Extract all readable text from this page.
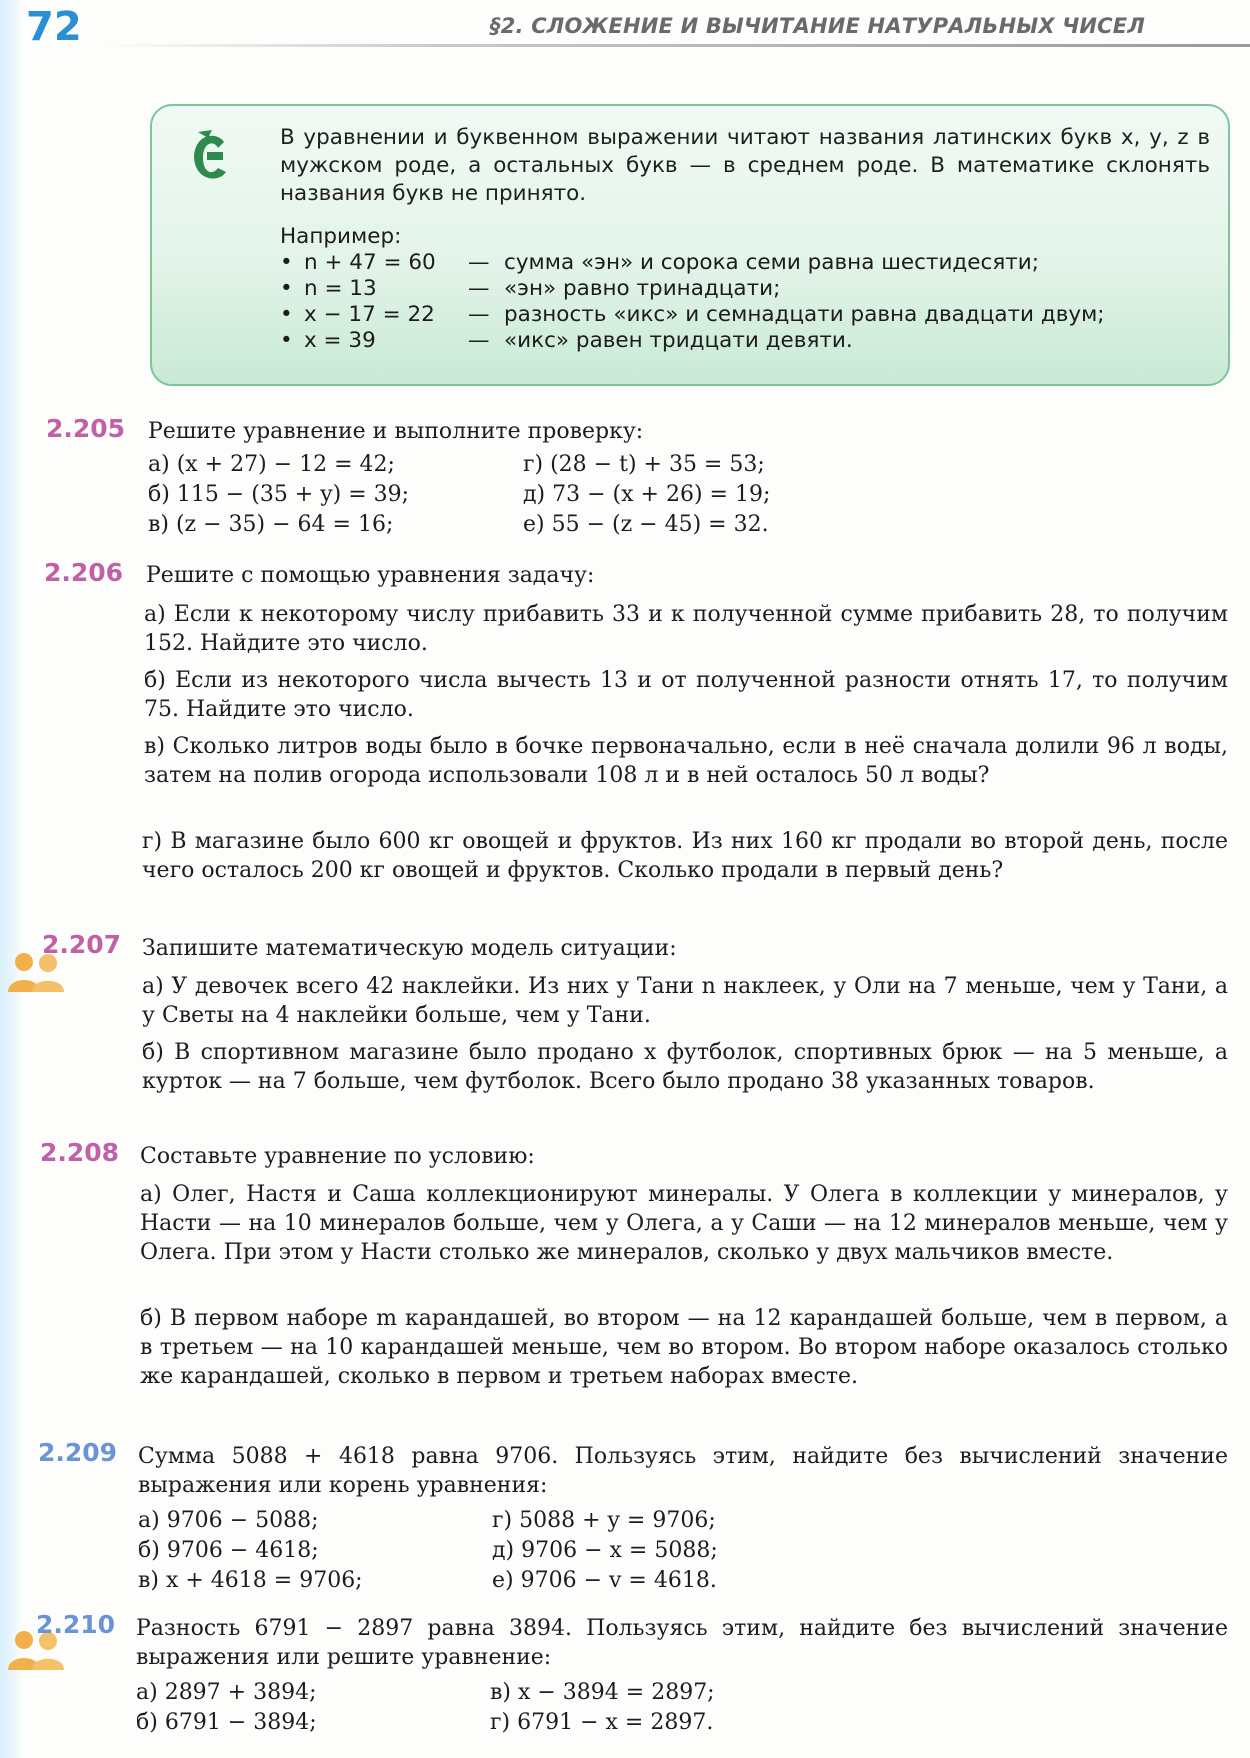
72	§2. СЛОЖЕНИЕ И ВЫЧИТАНИЕ НАТУРАЛЬНЫХ ЧИСЕЛ
В уравнении и буквенном выражении читают названия латинских букв x, y, z в мужском роде, а остальных букв — в среднем роде. В математике склонять названия букв не принято.
Например:
• n + 47 = 60 — сумма «эн» и сорока семи равна шестидесяти;
• n = 13	— «эн» равно тринадцати;
• x − 17 = 22 — разность «икс» и семнадцати равна двадцати двум;
• x = 39	— «икс» равен тридцати девяти.
2.205 Решите уравнение и выполните проверку:
а) (x + 27) − 12 = 42;
б) 115 − (35 + y) = 39;
в) (z − 35) − 64 = 16;
г) (28 − t) + 35 = 53;
д) 73 − (x + 26) = 19;
е) 55 − (z − 45) = 32.
2.206 Решите с помощью уравнения задачу:
а) Если к некоторому числу прибавить 33 и к полученной сумме прибавить 28, то получим 152. Найдите это число.
б) Если из некоторого числа вычесть 13 и от полученной разности отнять 17, то получим 75. Найдите это число.
в) Сколько литров воды было в бочке первоначально, если в неё сначала долили 96 л воды, затем на полив огорода использовали 108 л и в ней осталось 50 л воды?
г) В магазине было 600 кг овощей и фруктов. Из них 160 кг продали во второй день, после чего осталось 200 кг овощей и фруктов. Сколько продали в первый день?
2.207 Запишите математическую модель ситуации:
а) У девочек всего 42 наклейки. Из них у Тани n наклеек, у Оли на 7 меньше, чем у Тани, а у Светы на 4 наклейки больше, чем у Тани.
б) В спортивном магазине было продано x футболок, спортивных брюк — на 5 меньше, а курток — на 7 больше, чем футболок. Всего было продано 38 указанных товаров.
2.208 Составьте уравнение по условию:
а) Олег, Настя и Саша коллекционируют минералы. У Олега в коллекции y минералов, у Насти — на 10 минералов больше, чем у Олега, а у Саши — на 12 минералов меньше, чем у Олега. При этом у Насти столько же минералов, сколько у двух мальчиков вместе.
б) В первом наборе m карандашей, во втором — на 12 карандашей больше, чем в первом, а в третьем — на 10 карандашей меньше, чем во втором. Во втором наборе оказалось столько же карандашей, сколько в первом и третьем наборах вместе.
2.209 Сумма 5088 + 4618 равна 9706. Пользуясь этим, найдите без вычислений значение выражения или корень уравнения:
а) 9706 − 5088;
б) 9706 − 4618;
в) x + 4618 = 9706;
г) 5088 + y = 9706;
д) 9706 − x = 5088;
е) 9706 − v = 4618.
2.210 Разность 6791 − 2897 равна 3894. Пользуясь этим, найдите без вычислений значение выражения или решите уравнение:
а) 2897 + 3894;
б) 6791 − 3894;
в) x − 3894 = 2897;
г) 6791 − x = 2897.
